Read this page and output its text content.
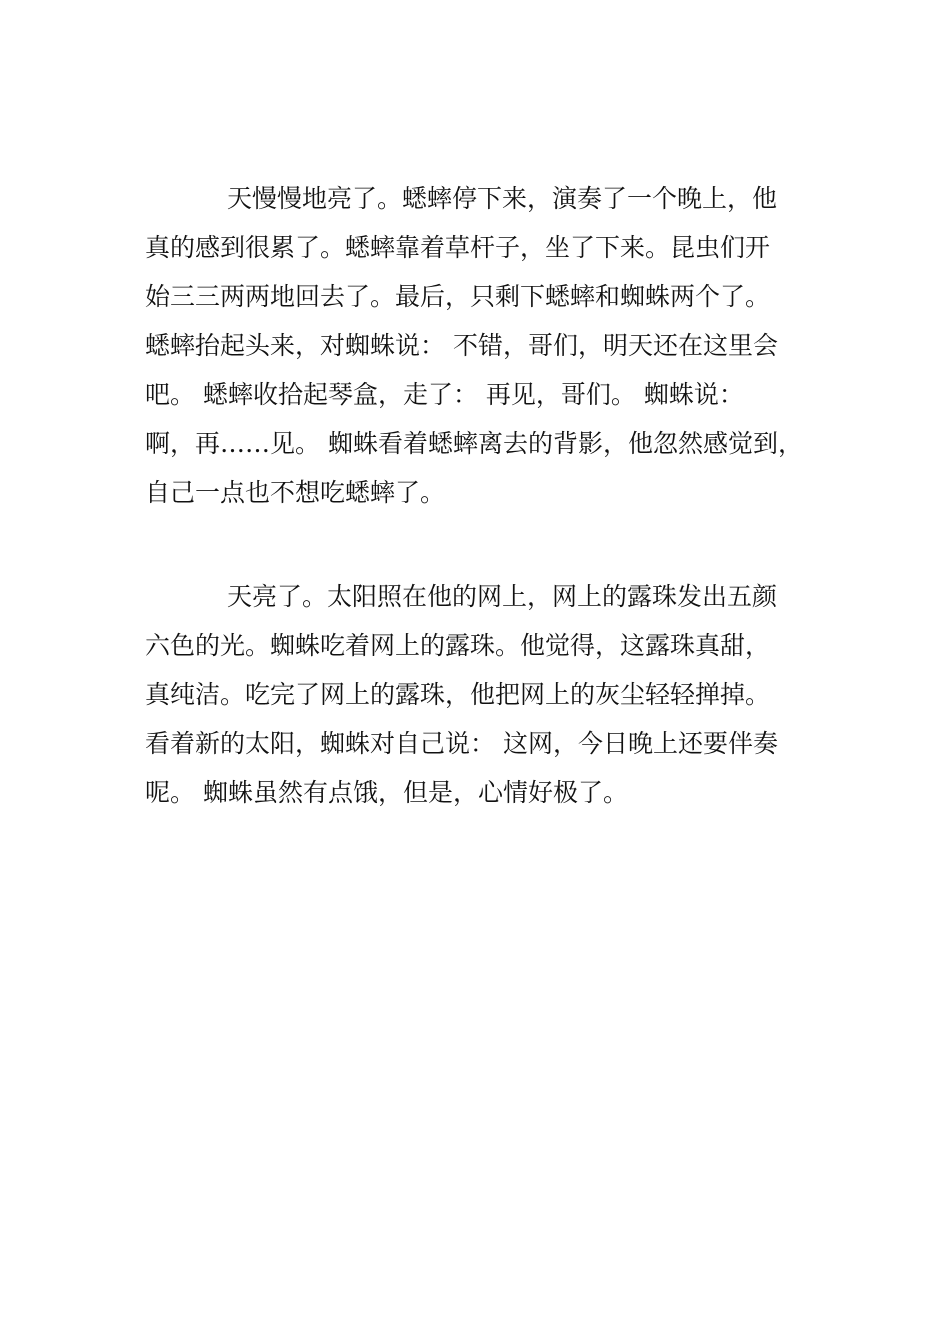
天慢慢地亮了。蟋蟀停下来，演奏了一个晚上，他
真的感到很累了。蟋蟀靠着草杆子，坐了下来。昆虫们开
始三三两两地回去了。最后，只剩下蟋蟀和蜘蛛两个了。
蟋蟀抬起头来，对蜘蛛说： 不错，哥们，明天还在这里会
吧。 蟋蟀收拾起琴盒，走了： 再见，哥们。 蜘蛛说：
啊，再……见。 蜘蛛看着蟋蟀离去的背影，他忽然感觉到，
自己一点也不想吃蟋蟀了。
天亮了。太阳照在他的网上，网上的露珠发出五颜
六色的光。蜘蛛吃着网上的露珠。他觉得，这露珠真甜，
真纯洁。吃完了网上的露珠，他把网上的灰尘轻轻掸掉。
看着新的太阳，蜘蛛对自己说： 这网，今日晚上还要伴奏
呢。 蜘蛛虽然有点饿，但是，心情好极了。
